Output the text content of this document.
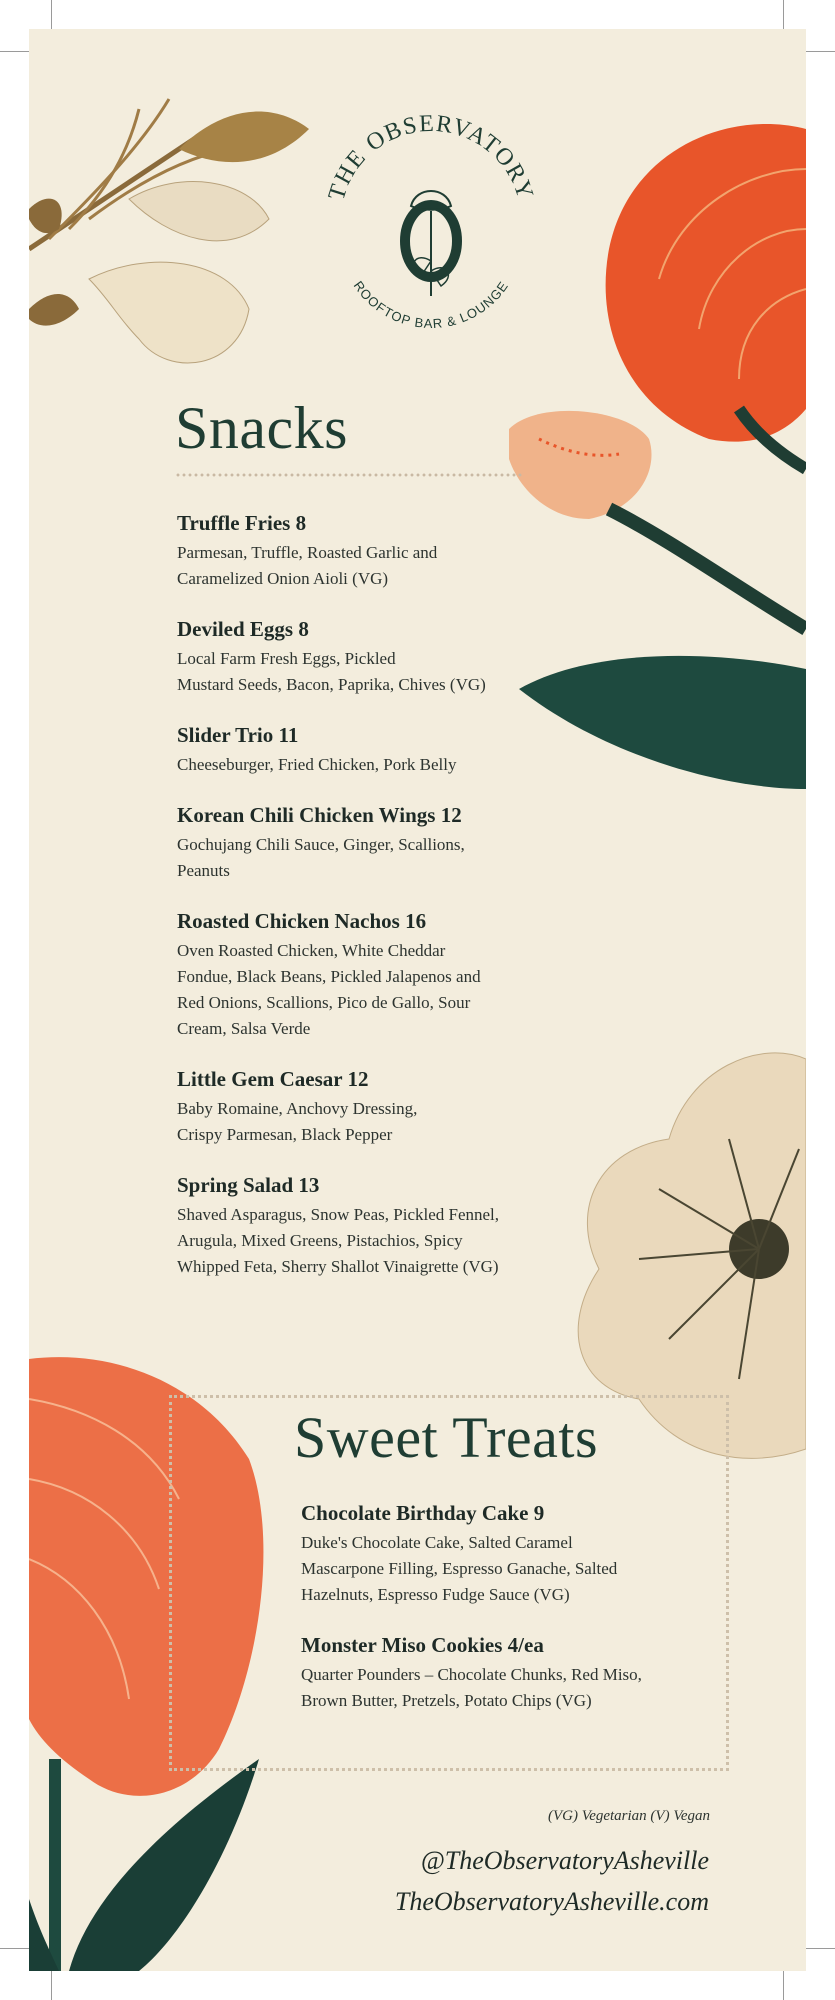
THE OBSERVATORY
ROOFTOP BAR & LOUNGE
Snacks

Truffle Fries 8

Parmesan, Truffle, Roasted Garlic and
Caramelized Onion Aioli (VG)

Deviled Eggs 8

Local Farm Fresh Eggs, Pickled
Mustard Seeds, Bacon, Paprika, Chives (VG)

Slider Trio 11

Cheeseburger, Fried Chicken, Pork Belly

Korean Chili Chicken Wings 12

Gochujang Chili Sauce, Ginger, Scallions,
Peanuts

Roasted Chicken Nachos 16

Oven Roasted Chicken, White Cheddar
Fondue, Black Beans, Pickled Jalapenos and
Red Onions, Scallions, Pico de Gallo, Sour
Cream, Salsa Verde

Little Gem Caesar 12

Baby Romaine, Anchovy Dressing,
Crispy Parmesan, Black Pepper

Spring Salad 13

Shaved Asparagus, Snow Peas, Pickled Fennel,
Arugula, Mixed Greens, Pistachios, Spicy
Whipped Feta, Sherry Shallot Vinaigrette (VG)

Sweet Treats

Chocolate Birthday Cake 9

Duke's Chocolate Cake, Salted Caramel
Mascarpone Filling, Espresso Ganache, Salted
Hazelnuts, Espresso Fudge Sauce (VG)

Monster Miso Cookies 4/ea

Quarter Pounders – Chocolate Chunks, Red Miso,
Brown Butter, Pretzels, Potato Chips (VG)

(VG) Vegetarian (V) Vegan
@TheObservatoryAsheville
TheObservatoryAsheville.com
